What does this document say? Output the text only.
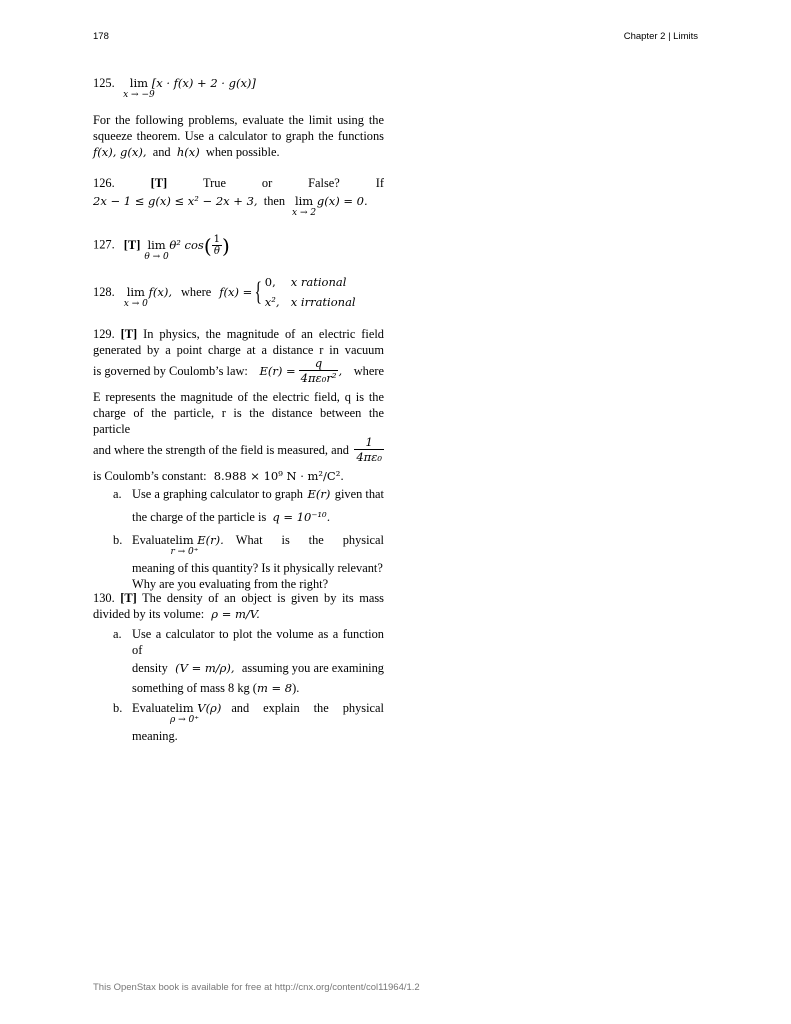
178	Chapter 2 | Limits
125. lim
x → −9
[x · f(x) + 2 · g(x)]
For the following problems, evaluate the limit using the
squeeze theorem. Use a calculator to graph the functions
f(x), g(x), and h(x) when possible.
126.	[T]	True	or	False?	If
2x − 1 ≤ g(x) ≤ x² − 2x + 3, then lim
x → 2
g(x) = 0.
127. [T] lim
θ → 0
θ² $\cos( \frac{1}{\theta}$ )
128. lim
x → 0
f(x), where f(x) = { 0, x rational
x², x irrational
129. [T] In physics, the magnitude of an electric field
generated by a point charge at a distance r in vacuum
is governed by Coulomb’s law: $E(r) = \frac{q}{\text{4πε₀r²}}$ , where
E represents the magnitude of the electric field, q is the
charge of the particle, r is the distance between the particle
and where the strength of the field is measured, and $\frac{1}{\text{4πε₀}}$
is Coulomb’s constant: 8.988 × 10⁹ N · m²/C².
a. Use a graphing calculator to graph E(r) given that
the charge of the particle is q = 10⁻¹⁰.
b. Evaluate lim
r → 0⁺
E(r). What is the physical
meaning of this quantity? Is it physically relevant?
Why are you evaluating from the right?
130. [T] The density of an object is given by its mass
divided by its volume: ρ = m/V.
a. Use a calculator to plot the volume as a function of
density (V = m/ρ), assuming you are examining
something of mass 8 kg (m = 8).
b. Evaluate lim
ρ → 0⁺
V(ρ) and explain the physical
meaning.
This OpenStax book is available for free at http://cnx.org/content/col11964/1.2
